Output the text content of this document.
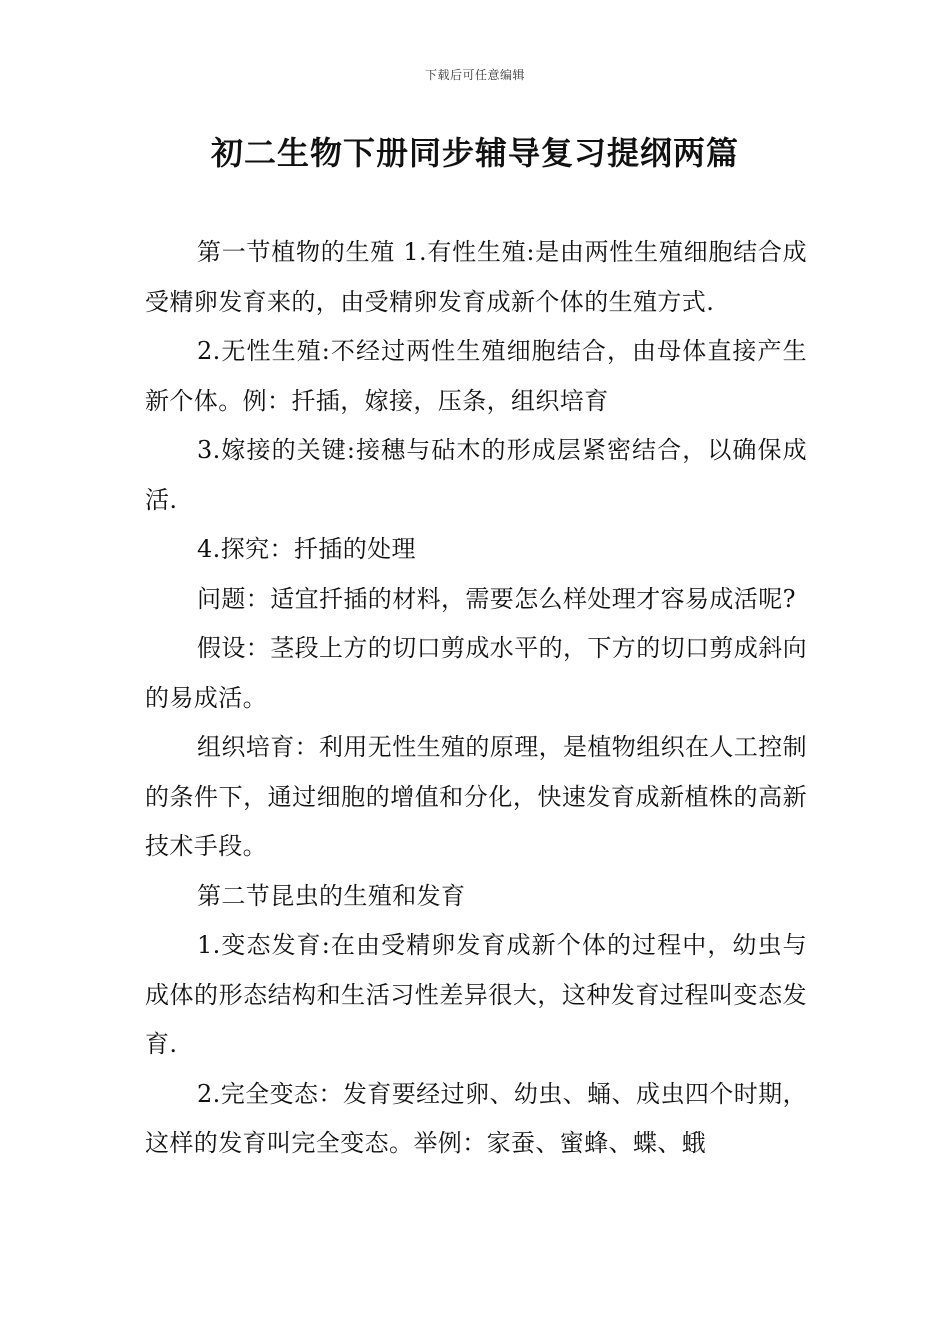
下载后可任意编辑
初二生物下册同步辅导复习提纲两篇

第一节植物的生殖 1.有性生殖:是由两性生殖细胞结合成受精卵发育来的，由受精卵发育成新个体的生殖方式.

2.无性生殖:不经过两性生殖细胞结合，由母体直接产生新个体。例：扦插，嫁接，压条，组织培育

3.嫁接的关键:接穗与砧木的形成层紧密结合，以确保成活.

4.探究：扦插的处理

问题：适宜扦插的材料，需要怎么样处理才容易成活呢?

假设：茎段上方的切口剪成水平的，下方的切口剪成斜向的易成活。

组织培育：利用无性生殖的原理，是植物组织在人工控制的条件下，通过细胞的增值和分化，快速发育成新植株的高新技术手段。

第二节昆虫的生殖和发育

1.变态发育:在由受精卵发育成新个体的过程中，幼虫与成体的形态结构和生活习性差异很大，这种发育过程叫变态发育.

2.完全变态：发育要经过卵、幼虫、蛹、成虫四个时期，这样的发育叫完全变态。举例：家蚕、蜜蜂、蝶、蛾
